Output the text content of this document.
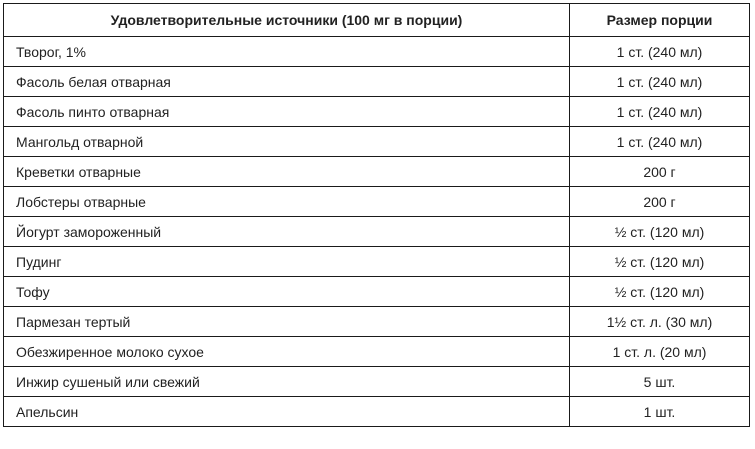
Удовлетворительные источники (100 мг в порции)	Размер порции
Творог, 1%	1 ст. (240 мл)
Фасоль белая отварная	1 ст. (240 мл)
Фасоль пинто отварная	1 ст. (240 мл)
Мангольд отварной	1 ст. (240 мл)
Креветки отварные	200 г
Лобстеры отварные	200 г
Йогурт замороженный	½ ст. (120 мл)
Пудинг	½ ст. (120 мл)
Тофу	½ ст. (120 мл)
Пармезан тертый	1½ ст. л. (30 мл)
Обезжиренное молоко сухое	1 ст. л. (20 мл)
Инжир сушеный или свежий	5 шт.
Апельсин	1 шт.
